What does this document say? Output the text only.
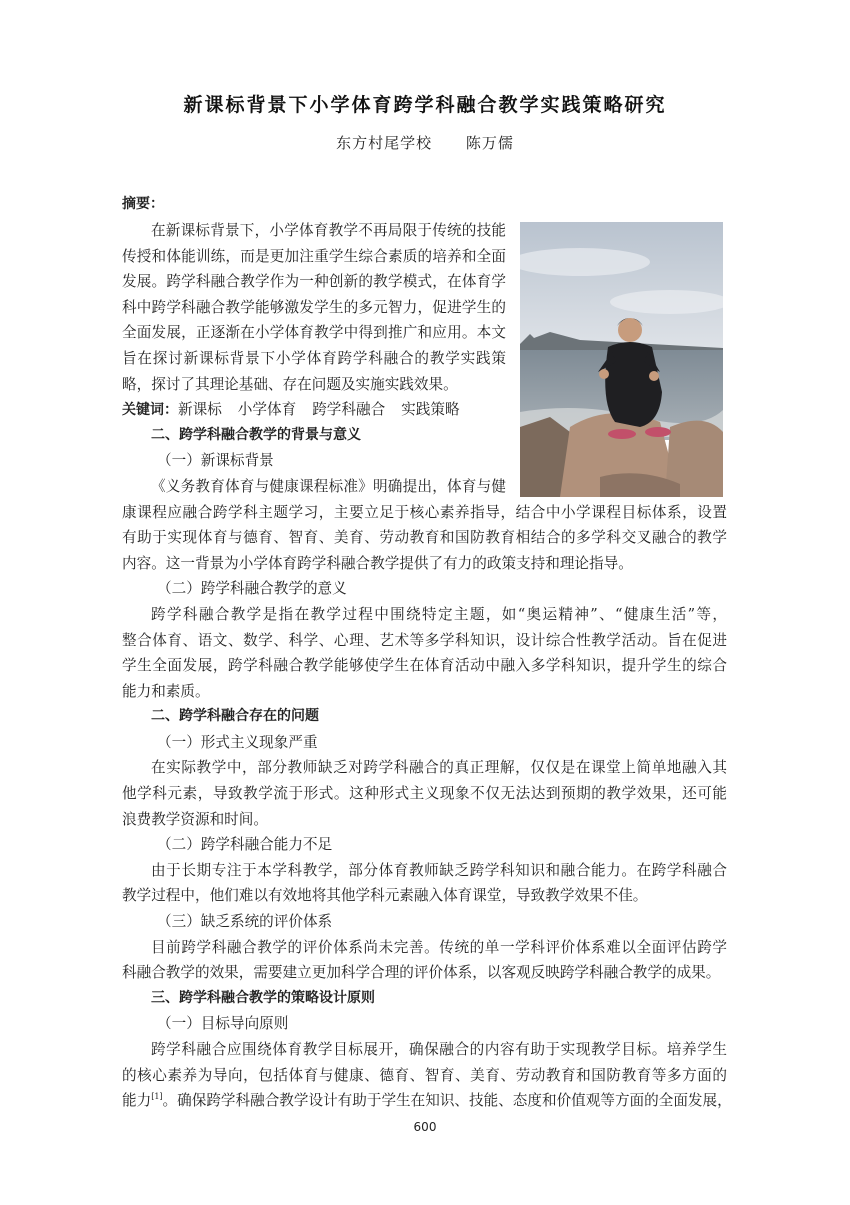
新课标背景下小学体育跨学科融合教学实践策略研究
东方村尾学校 陈万儒
摘要：
在新课标背景下，小学体育教学不再局限于传统的技能
传授和体能训练，而是更加注重学生综合素质的培养和全面
发展。跨学科融合教学作为一种创新的教学模式，在体育学
科中跨学科融合教学能够激发学生的多元智力，促进学生的
全面发展，正逐渐在小学体育教学中得到推广和应用。本文
旨在探讨新课标背景下小学体育跨学科融合的教学实践策
略，探讨了其理论基础、存在问题及实施实践效果。
关键词：新课标 小学体育 跨学科融合 实践策略
二、跨学科融合教学的背景与意义
（一）新课标背景
《义务教育体育与健康课程标准》明确提出，体育与健
康课程应融合跨学科主题学习，主要立足于核心素养指导，结合中小学课程目标体系，设置
有助于实现体育与德育、智育、美育、劳动教育和国防教育相结合的多学科交叉融合的教学
内容。这一背景为小学体育跨学科融合教学提供了有力的政策支持和理论指导。
（二）跨学科融合教学的意义
跨学科融合教学是指在教学过程中围绕特定主题，如“奥运精神”、“健康生活”等，
整合体育、语文、数学、科学、心理、艺术等多学科知识，设计综合性教学活动。旨在促进
学生全面发展，跨学科融合教学能够使学生在体育活动中融入多学科知识，提升学生的综合
能力和素质。
二、跨学科融合存在的问题
（一）形式主义现象严重
在实际教学中，部分教师缺乏对跨学科融合的真正理解，仅仅是在课堂上简单地融入其
他学科元素，导致教学流于形式。这种形式主义现象不仅无法达到预期的教学效果，还可能
浪费教学资源和时间。
（二）跨学科融合能力不足
由于长期专注于本学科教学，部分体育教师缺乏跨学科知识和融合能力。在跨学科融合
教学过程中，他们难以有效地将其他学科元素融入体育课堂，导致教学效果不佳。
（三）缺乏系统的评价体系
目前跨学科融合教学的评价体系尚未完善。传统的单一学科评价体系难以全面评估跨学
科融合教学的效果，需要建立更加科学合理的评价体系，以客观反映跨学科融合教学的成果。
三、跨学科融合教学的策略设计原则
（一）目标导向原则
跨学科融合应围绕体育教学目标展开，确保融合的内容有助于实现教学目标。培养学生
的核心素养为导向，包括体育与健康、德育、智育、美育、劳动教育和国防教育等多方面的
能力[1]。确保跨学科融合教学设计有助于学生在知识、技能、态度和价值观等方面的全面发展，
600
